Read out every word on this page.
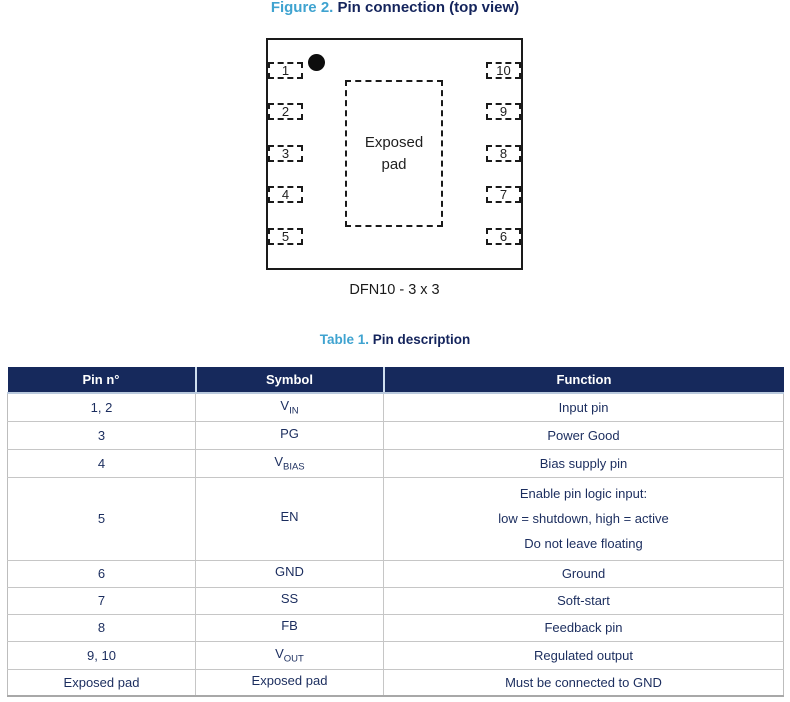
Figure 2. Pin connection (top view)
1
2
3
4
5
10
9
8
7
6
Exposed
pad
DFN10 - 3 x 3
Table 1. Pin description
Pin n°	Symbol	Function
1, 2	$V_{IN}$	Input pin

3	PG	Power Good

4	$V_{BIAS}$	Bias supply pin

5	EN	Enable pin logic input:
low = shutdown, high = active
Do not leave floating

6	GND	Ground

7	SS	Soft-start

8	FB	Feedback pin

9, 10	$V_{OUT}$	Regulated output

Exposed pad	Exposed pad	Must be connected to GND
